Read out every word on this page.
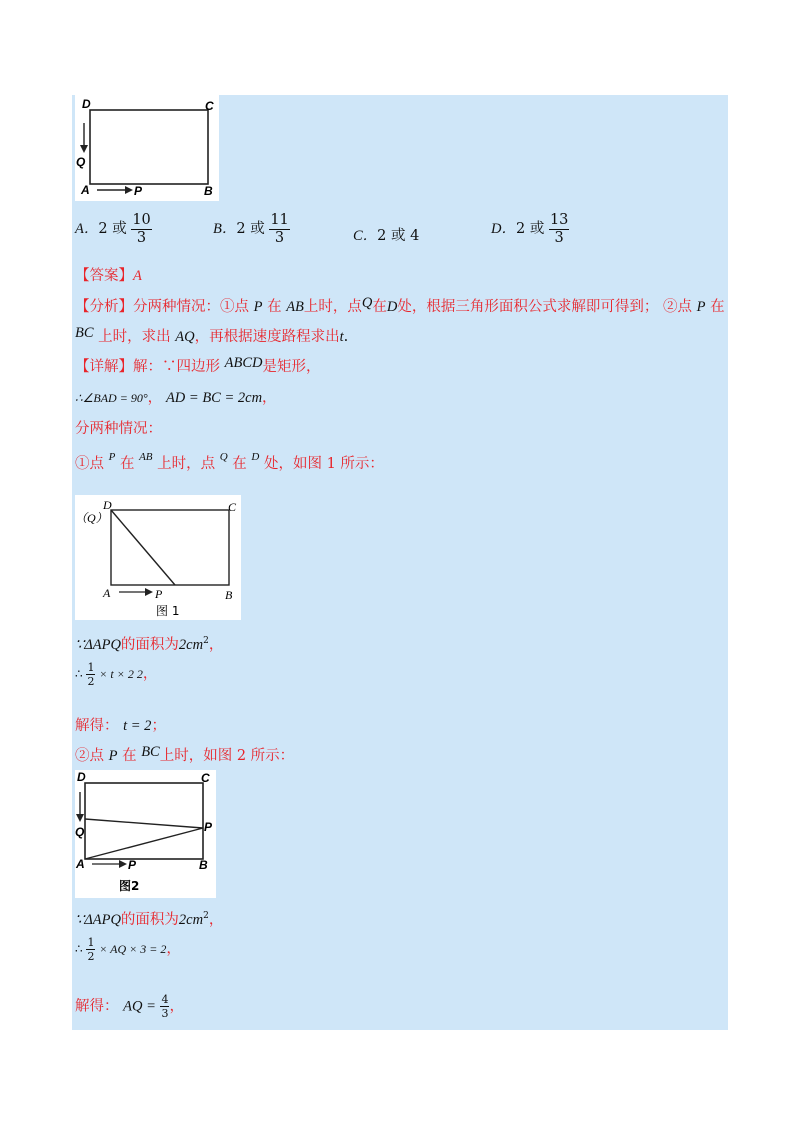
D	C
Q
A	P	B
A．2 或 $\frac{10}{3}$	B．2 或 $\frac{11}{3}$	C．2 或 4	D．2 或 $\frac{13}{3}$
【答案】A
【分析】分两种情况：①点 P 在 AB上时，点Q在D处，根据三角形面积公式求解即可得到； ②点 P 在
BC 上时，求出 AQ，再根据速度路程求出t.
【详解】解：∵四边形 ABCD是矩形，
∴∠BAD = 90°， AD = BC = 2cm，
分两种情况：
①点 $^P$ 在 $^{AB}$ 上时，点 $^Q$ 在 $^D$ 处，如图 1 所示：
（Q）
D	C
A	P	B
图 1
∵ΔAPQ的面积为$2cm^2$，
∴ $\frac{1}{2} \times t \times 2$ 2，
解得： t = 2；
②点 P 在 BC上时，如图 2 所示：
D	C
Q	P
A	P	B
图2
∵ΔAPQ的面积为$2cm^2$，
∴ $\frac{1}{2}$ × AQ × 3 = 2，
解得： AQ = $\frac{4}{3}$ ，
